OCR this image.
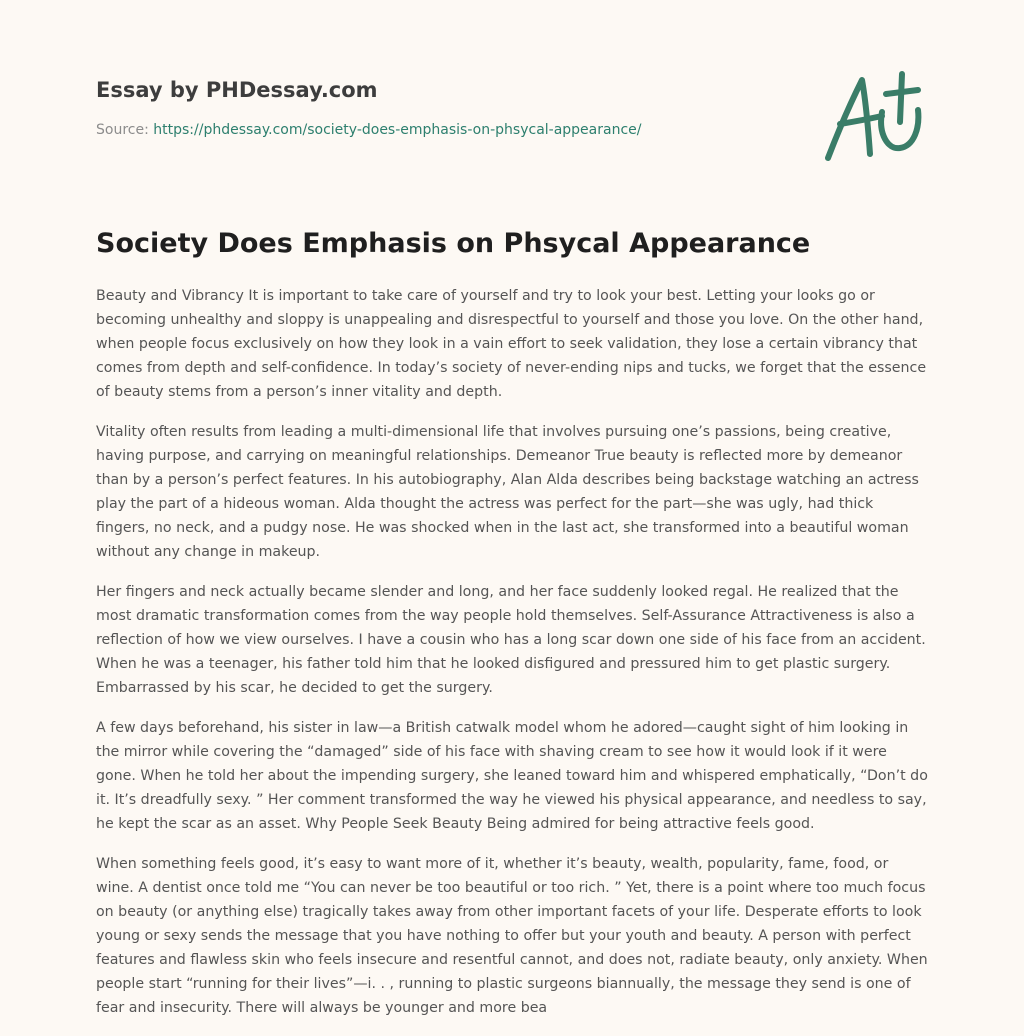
Essay by PHDessay.com
Source: https://phdessay.com/society-does-emphasis-on-phsycal-appearance/
Society Does Emphasis on Phsycal Appearance

Beauty and Vibrancy It is important to take care of yourself and try to look your best. Letting your looks go or becoming unhealthy and sloppy is unappealing and disrespectful to yourself and those you love. On the other hand, when people focus exclusively on how they look in a vain effort to seek validation, they lose a certain vibrancy that comes from depth and self-confidence. In today’s society of never-ending nips and tucks, we forget that the essence of beauty stems from a person’s inner vitality and depth.

Vitality often results from leading a multi-dimensional life that involves pursuing one’s passions, being creative, having purpose, and carrying on meaningful relationships. Demeanor True beauty is reflected more by demeanor than by a person’s perfect features. In his autobiography, Alan Alda describes being backstage watching an actress play the part of a hideous woman. Alda thought the actress was perfect for the part—she was ugly, had thick fingers, no neck, and a pudgy nose. He was shocked when in the last act, she transformed into a beautiful woman without any change in makeup.

Her fingers and neck actually became slender and long, and her face suddenly looked regal. He realized that the most dramatic transformation comes from the way people hold themselves. Self-Assurance Attractiveness is also a reflection of how we view ourselves. I have a cousin who has a long scar down one side of his face from an accident. When he was a teenager, his father told him that he looked disfigured and pressured him to get plastic surgery. Embarrassed by his scar, he decided to get the surgery.

A few days beforehand, his sister in law—a British catwalk model whom he adored—caught sight of him looking in the mirror while covering the “damaged” side of his face with shaving cream to see how it would look if it were gone. When he told her about the impending surgery, she leaned toward him and whispered emphatically, “Don’t do it. It’s dreadfully sexy. ” Her comment transformed the way he viewed his physical appearance, and needless to say, he kept the scar as an asset. Why People Seek Beauty Being admired for being attractive feels good.

When something feels good, it’s easy to want more of it, whether it’s beauty, wealth, popularity, fame, food, or wine. A dentist once told me “You can never be too beautiful or too rich. ” Yet, there is a point where too much focus on beauty (or anything else) tragically takes away from other important facets of your life. Desperate efforts to look young or sexy sends the message that you have nothing to offer but your youth and beauty. A person with perfect features and flawless skin who feels insecure and resentful cannot, and does not, radiate beauty, only anxiety. When people start “running for their lives”—i. . , running to plastic surgeons biannually, the message they send is one of fear and insecurity. There will always be younger and more bea
